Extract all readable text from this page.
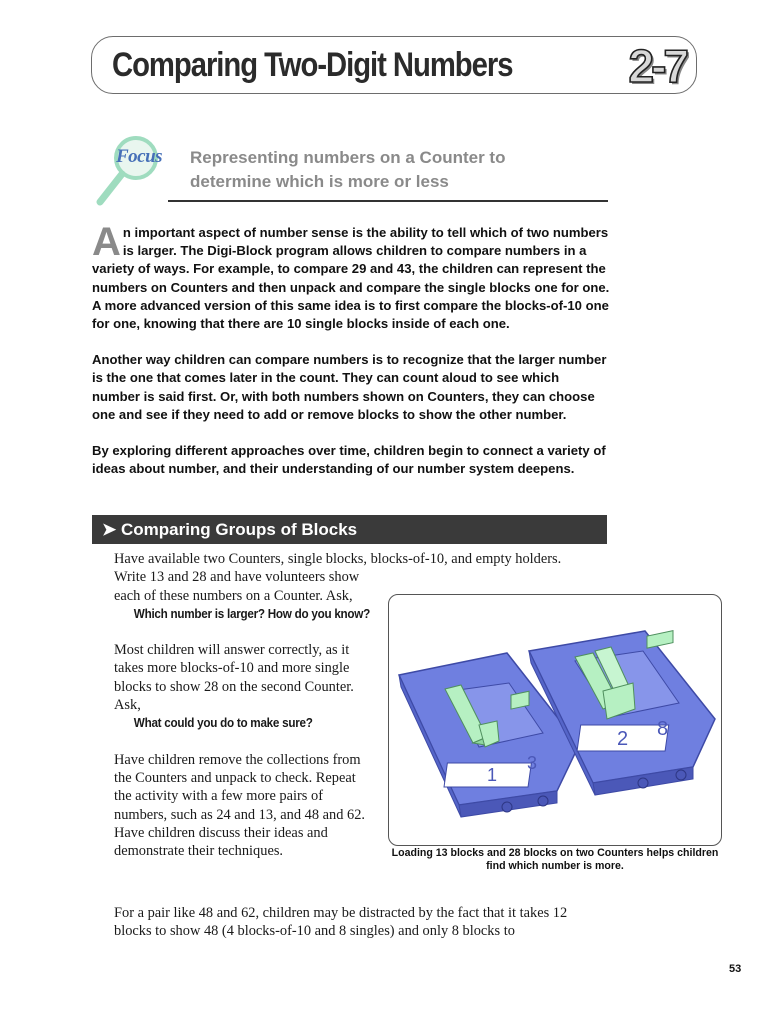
Comparing Two-Digit Numbers	2-7
Focus Representing numbers on a Counter to determine which is more or less

An important aspect of number sense is the ability to tell which of two numbers is larger. The Digi-Block program allows children to compare numbers in a variety of ways. For example, to compare 29 and 43, the children can represent the numbers on Counters and then unpack and compare the single blocks one for one. A more advanced version of this same idea is to first compare the blocks-of-10 one for one, knowing that there are 10 single blocks inside of each one.

Another way children can compare numbers is to recognize that the larger number is the one that comes later in the count. They can count aloud to see which number is said first. Or, with both numbers shown on Counters, they can choose one and see if they need to add or remove blocks to show the other number.

By exploring different approaches over time, children begin to connect a variety of ideas about number, and their understanding of our number system deepens.

➤ Comparing Groups of Blocks

Have available two Counters, single blocks, blocks-of-10, and empty holders.

Write 13 and 28 and have volunteers show each of these numbers on a Counter. Ask,

Which number is larger? How do you know?

Most children will answer correctly, as it takes more blocks-of-10 and more single blocks to show 28 on the second Counter. Ask,

What could you do to make sure?

Have children remove the collections from the Counters and unpack to check. Repeat the activity with a few more pairs of numbers, such as 24 and 13, and 48 and 62. Have children discuss their ideas and demonstrate their techniques.

1
3
2 8
Loading 13 blocks and 28 blocks on two Counters helps children find which number is more.
For a pair like 48 and 62, children may be distracted by the fact that it takes 12 blocks to show 48 (4 blocks-of-10 and 8 singles) and only 8 blocks to
53
